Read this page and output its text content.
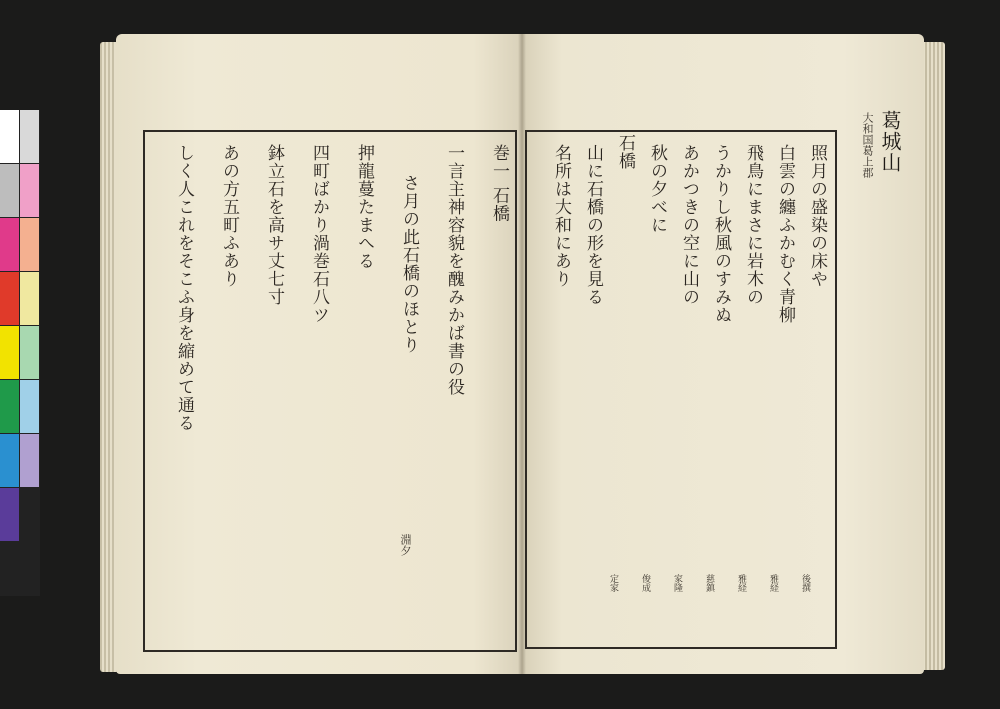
巻一 石橋
一言主神容貌を醜みかば書の役
さ月の此石橋のほとり
押龍蔓たまへる
四町ばかり渦巻石八ツ
鉢立石を高サ丈七寸
あの方五町ふあり
しく人これをそこふ身を縮めて通る
淵夕
葛城山
大和国葛上郡
照月の盛染の床や
白雲の纏ふかむく青柳
飛鳥にまさに岩木の
うかりし秋風のすみぬ
あかつきの空に山の
秋の夕べに
石橋
山に石橋の形を見る
名所は大和にあり
後撰
雅経
雅経
慈鎮
家隆
俊成
定家
